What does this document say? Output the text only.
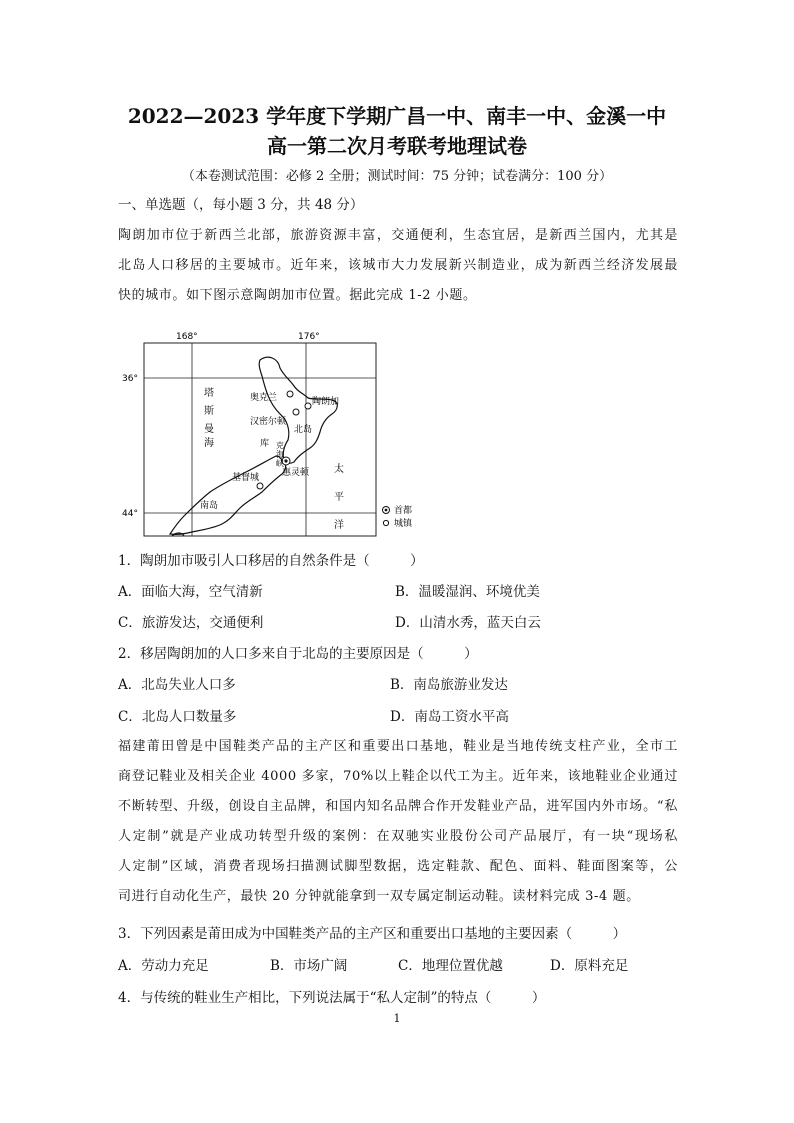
2022—2023 学年度下学期广昌一中、南丰一中、金溪一中
高一第二次月考联考地理试卷
（本卷测试范围：必修 2 全册；测试时间：75 分钟；试卷满分：100 分）
一、单选题（，每小题 3 分，共 48 分）
陶朗加市位于新西兰北部，旅游资源丰富，交通便利，生态宜居，是新西兰国内，尤其是
北岛人口移居的主要城市。近年来，该城市大力发展新兴制造业，成为新西兰经济发展最
快的城市。如下图示意陶朗加市位置。据此完成 1-2 小题。
168°	176°
36°
44°
塔
斯
曼
海
奥克兰	陶朗加
汉密尔顿
北岛
库 克
海
峡
惠灵顿
基督城
南岛
太
平
洋
首都
城镇
1．陶朗加市吸引人口移居的自然条件是（　　　）
A．面临大海，空气清新	B．温暖湿润、环境优美
C．旅游发达，交通便利	D．山清水秀，蓝天白云
2．移居陶朗加的人口多来自于北岛的主要原因是（　　　）
A．北岛失业人口多	B．南岛旅游业发达
C．北岛人口数量多	D．南岛工资水平高
福建莆田曾是中国鞋类产品的主产区和重要出口基地，鞋业是当地传统支柱产业，全市工
商登记鞋业及相关企业 4000 多家，70%以上鞋企以代工为主。近年来，该地鞋业企业通过
不断转型、升级，创设自主品牌，和国内知名品牌合作开发鞋业产品，进军国内外市场。“私
人定制”就是产业成功转型升级的案例：在双驰实业股份公司产品展厅，有一块“现场私
人定制”区域，消费者现场扫描测试脚型数据，选定鞋款、配色、面料、鞋面图案等，公
司进行自动化生产，最快 20 分钟就能拿到一双专属定制运动鞋。读材料完成 3-4 题。
3．下列因素是莆田成为中国鞋类产品的主产区和重要出口基地的主要因素（　　　）
A．劳动力充足	B．市场广阔	C．地理位置优越	D．原料充足
4．与传统的鞋业生产相比，下列说法属于“私人定制”的特点（　　　）
1
